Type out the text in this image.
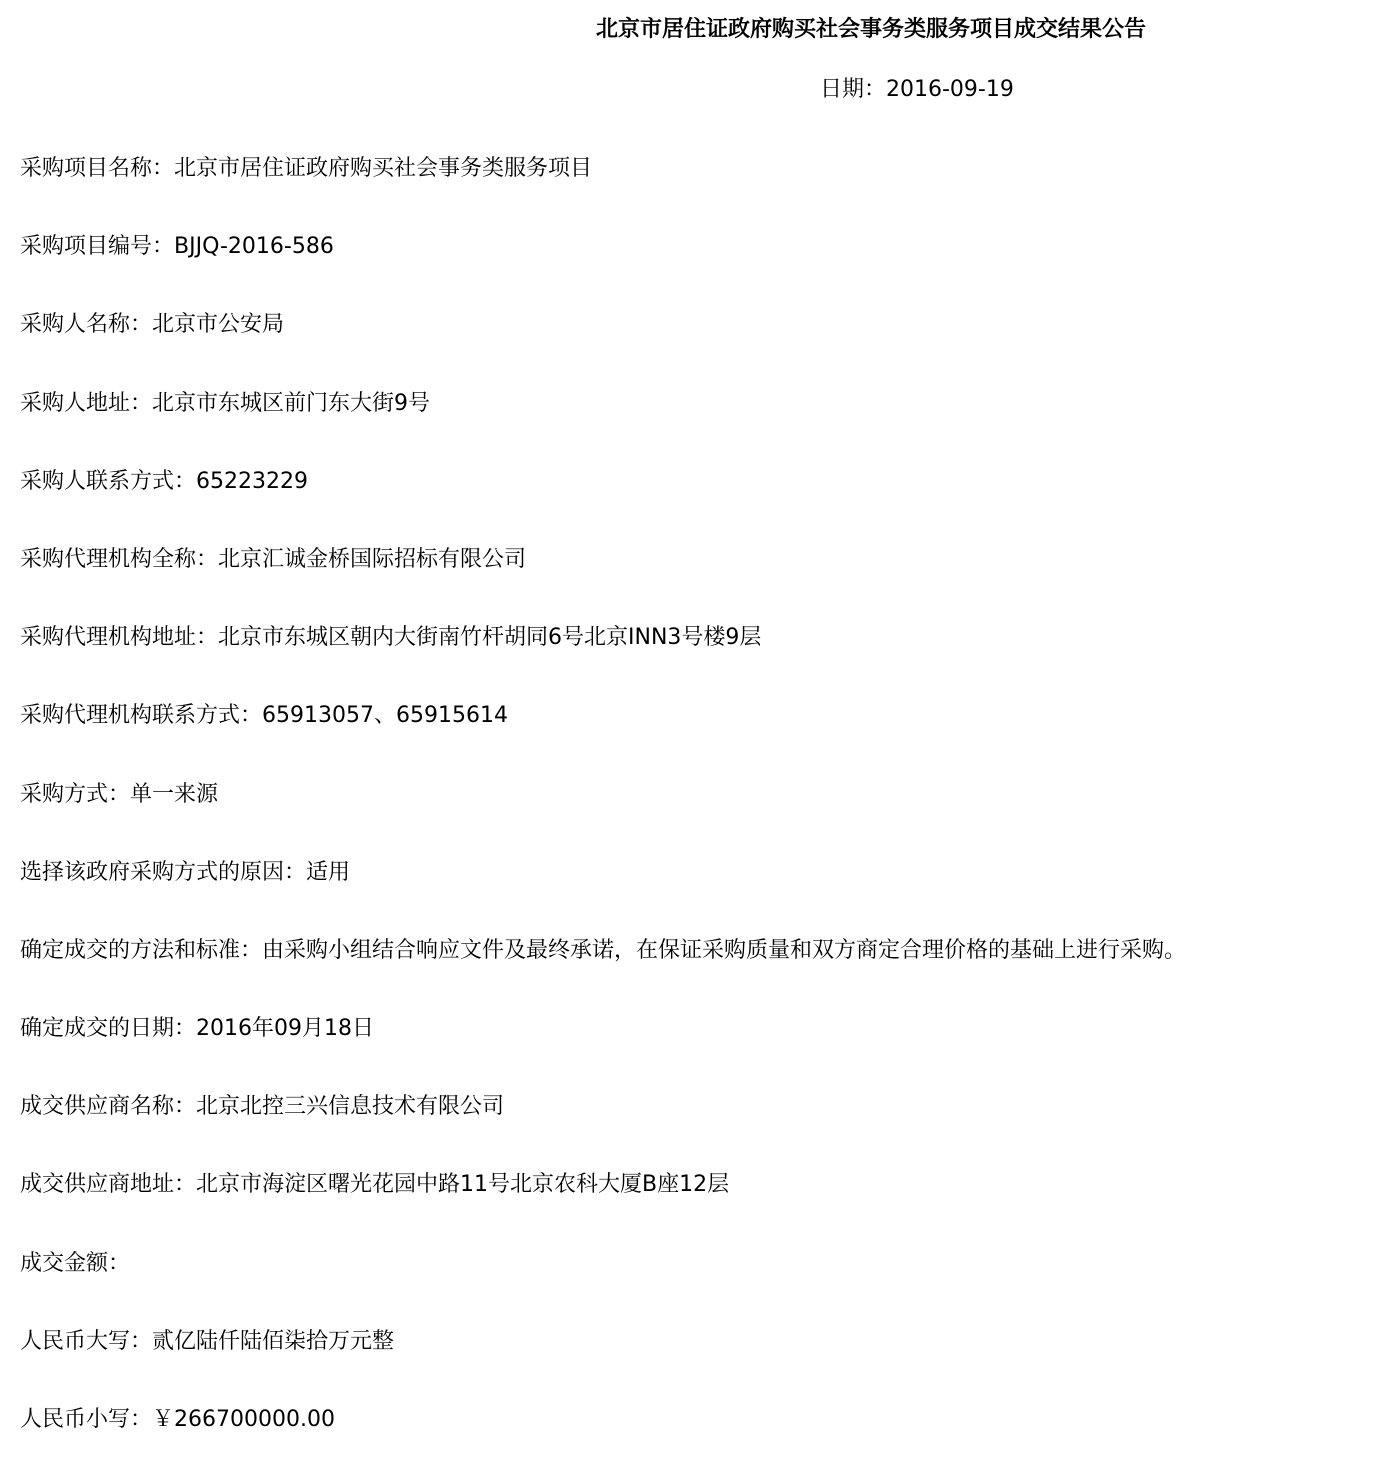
北京市居住证政府购买社会事务类服务项目成交结果公告
日期：2016-09-19
采购项目名称：北京市居住证政府购买社会事务类服务项目
采购项目编号：BJJQ-2016-586
采购人名称：北京市公安局
采购人地址：北京市东城区前门东大街9号
采购人联系方式：65223229
采购代理机构全称：北京汇诚金桥国际招标有限公司
采购代理机构地址：北京市东城区朝内大街南竹杆胡同6号北京INN3号楼9层
采购代理机构联系方式：65913057、65915614
采购方式：单一来源
选择该政府采购方式的原因：适用
确定成交的方法和标准：由采购小组结合响应文件及最终承诺，在保证采购质量和双方商定合理价格的基础上进行采购。
确定成交的日期：2016年09月18日
成交供应商名称：北京北控三兴信息技术有限公司
成交供应商地址：北京市海淀区曙光花园中路11号北京农科大厦B座12层
成交金额：
人民币大写：贰亿陆仟陆佰柒拾万元整
人民币小写：￥266700000.00
